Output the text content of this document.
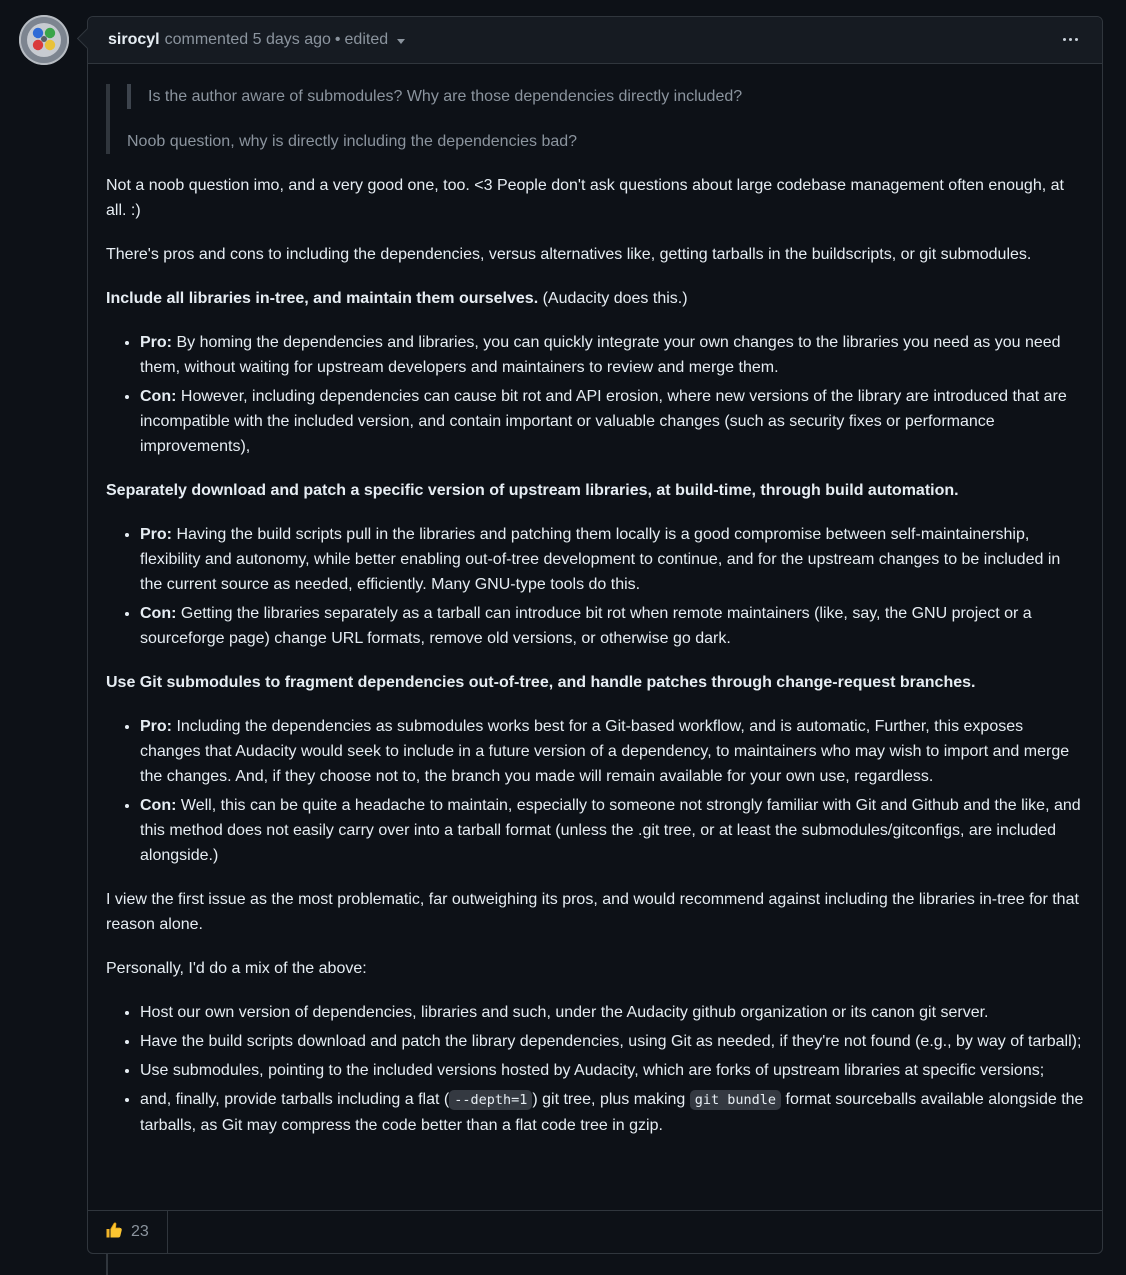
sirocyl commented
5 days ago • edited

Is the author aware of submodules? Why are those dependencies directly included?

Noob question, why is directly including the dependencies bad?

Not a noob question imo, and a very good one, too. <3 People don't ask questions about large codebase management often enough, at all. :)

There's pros and cons to including the dependencies, versus alternatives like, getting tarballs in the buildscripts, or git submodules.

Include all libraries in-tree, and maintain them ourselves. (Audacity does this.)

• Pro: By homing the dependencies and libraries, you can quickly integrate your own changes to the libraries you need as you need them, without waiting for upstream developers and maintainers to review and merge them.
• Con: However, including dependencies can cause bit rot and API erosion, where new versions of the library are introduced that are incompatible with the included version, and contain important or valuable changes (such as security fixes or performance improvements),

Separately download and patch a specific version of upstream libraries, at build-time, through build automation.

• Pro: Having the build scripts pull in the libraries and patching them locally is a good compromise between self-maintainership, flexibility and autonomy, while better enabling out-of-tree development to continue, and for the upstream changes to be included in the current source as needed, efficiently. Many GNU-type tools do this.
• Con: Getting the libraries separately as a tarball can introduce bit rot when remote maintainers (like, say, the GNU project or a sourceforge page) change URL formats, remove old versions, or otherwise go dark.

Use Git submodules to fragment dependencies out-of-tree, and handle patches through change-request branches.

• Pro: Including the dependencies as submodules works best for a Git-based workflow, and is automatic, Further, this exposes changes that Audacity would seek to include in a future version of a dependency, to maintainers who may wish to import and merge the changes. And, if they choose not to, the branch you made will remain available for your own use, regardless.
• Con: Well, this can be quite a headache to maintain, especially to someone not strongly familiar with Git and Github and the like, and this method does not easily carry over into a tarball format (unless the .git tree, or at least the submodules/gitconfigs, are included alongside.)

I view the first issue as the most problematic, far outweighing its pros, and would recommend against including the libraries in-tree for that reason alone.

Personally, I'd do a mix of the above:

• Host our own version of dependencies, libraries and such, under the Audacity github organization or its canon git server.
• Have the build scripts download and patch the library dependencies, using Git as needed, if they're not found (e.g., by way of tarball);
• Use submodules, pointing to the included versions hosted by Audacity, which are forks of upstream libraries at specific versions;
• and, finally, provide tarballs including a flat ( --depth=1 ) git tree, plus making git bundle format sourceballs available alongside the tarballs, as Git may compress the code better than a flat code tree in gzip.
23
